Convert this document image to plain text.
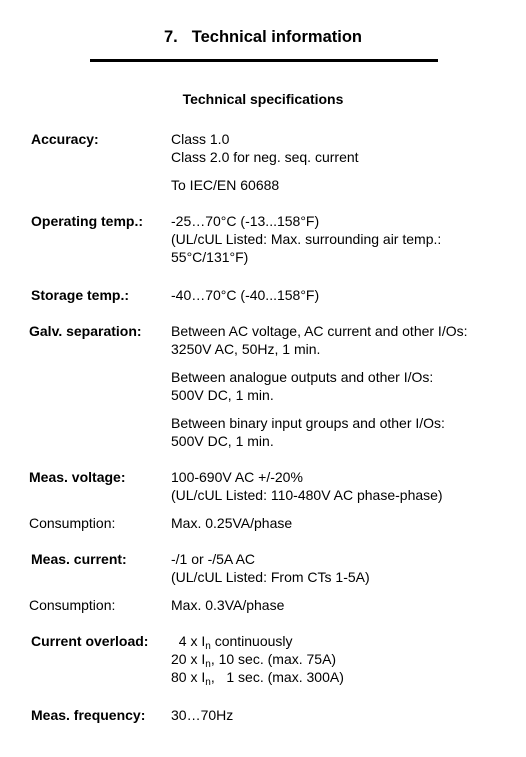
7. Technical information
Technical specifications
Accuracy:	Class 1.0
Class 2.0 for neg. seq. current
To IEC/EN 60688
Operating temp.: -25…70°C (-13...158°F)
(UL/cUL Listed: Max. surrounding air temp.:
55°C/131°F)
Storage temp.:	-40…70°C (-40...158°F)
Galv. separation: Between AC voltage, AC current and other I/Os:
3250V AC, 50Hz, 1 min.
Between analogue outputs and other I/Os:
500V DC, 1 min.
Between binary input groups and other I/Os:
500V DC, 1 min.
Meas. voltage:	100-690V AC +/-20%
(UL/cUL Listed: 110-480V AC phase-phase)
Consumption:	Max. 0.25VA/phase
Meas. current:	-/1 or -/5A AC
(UL/cUL Listed: From CTs 1-5A)
Consumption:	Max. 0.3VA/phase
Current overload:	4 x $I_n$ continuously
20 x $I_n$, 10 sec. (max. 75A)
80 x $I_n$,   1 sec. (max. 300A)
Meas. frequency: 30…70Hz
